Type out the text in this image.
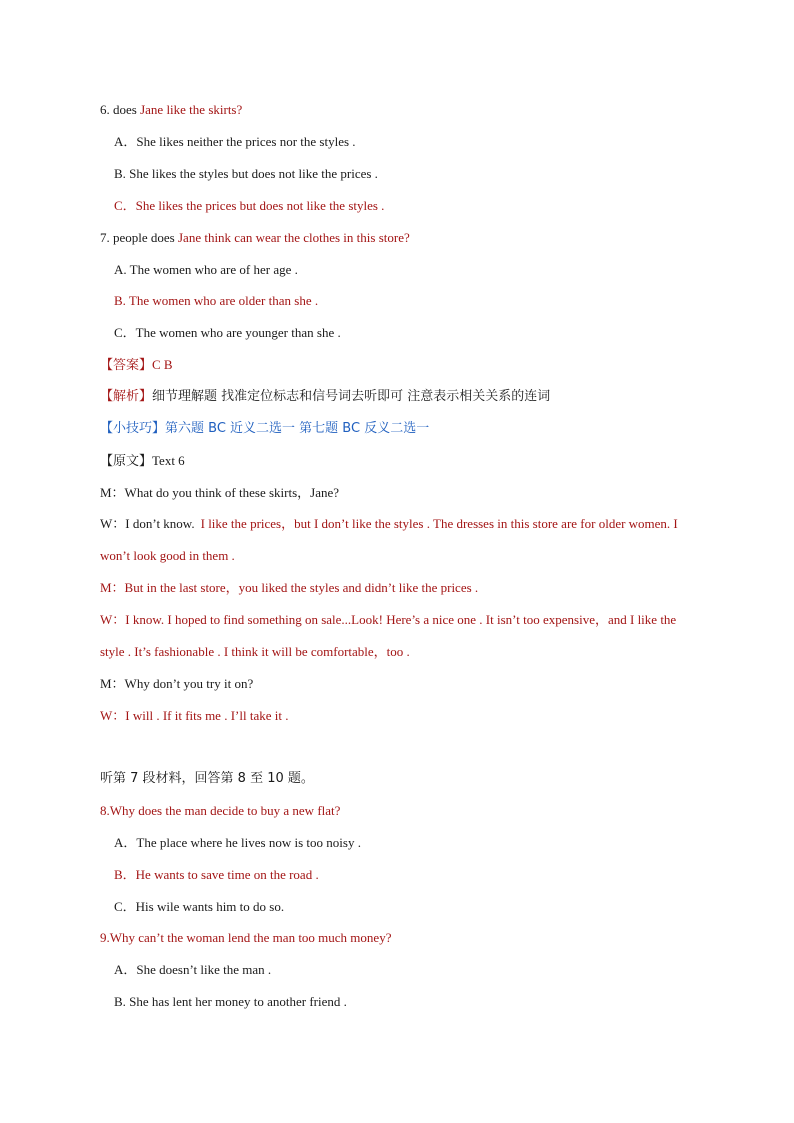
6. does Jane like the skirts?
A．She likes neither the prices nor the styles .
B. She likes the styles but does not like the prices .
C．She likes the prices but does not like the styles .
7. people does Jane think can wear the clothes in this store?
A. The women who are of her age .
B. The women who are older than she .
C．The women who are younger than she .
【答案】C B
【解析】细节理解题 找准定位标志和信号词去听即可 注意表示相关关系的连词
【小技巧】第六题 BC 近义二选一 第七题 BC 反义二选一
【原文】Text 6
M：What do you think of these skirts，Jane?
W：I don’t know. I like the prices，but I don’t like the styles . The dresses in this store are for older women. I
won’t look good in them .
M：But in the last store，you liked the styles and didn’t like the prices .
W：I know. I hoped to find something on sale...Look! Here’s a nice one . It isn’t too expensive，and I like the
style . It’s fashionable . I think it will be comfortable，too .
M：Why don’t you try it on?
W：I will . If it fits me . I’ll take it .
听第 7 段材料，回答第 8 至 10 题。
8.Why does the man decide to buy a new flat?
A．The place where he lives now is too noisy .
B．He wants to save time on the road .
C．His wile wants him to do so.
9.Why can’t the woman lend the man too much money?
A．She doesn’t like the man .
B. She has lent her money to another friend .
